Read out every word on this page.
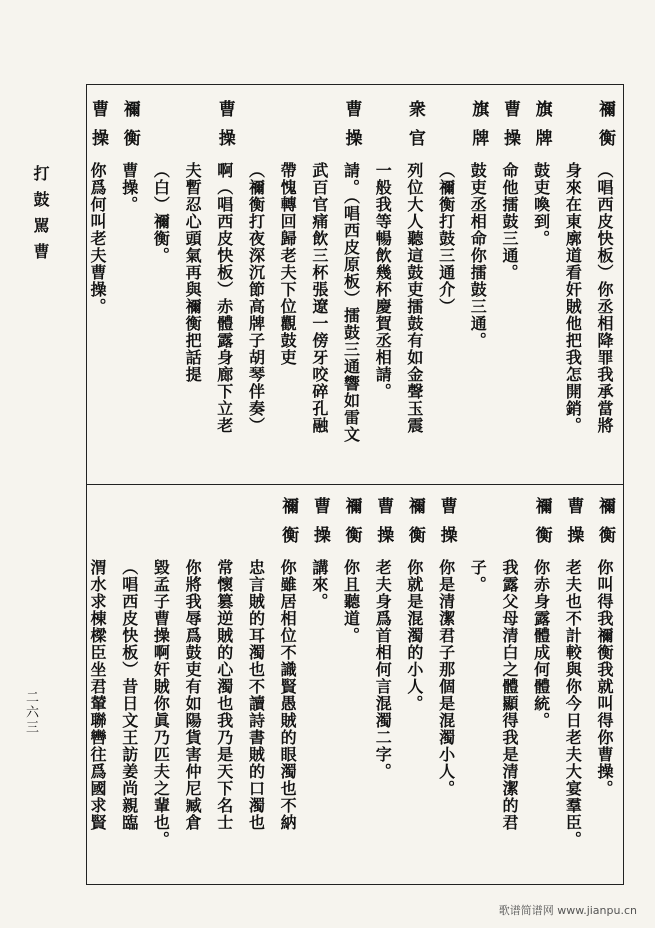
打鼓駡曹
二六三
禰衡
（唱西皮快板）你丞相降罪我承當將
身來在東廓道看奸賊他把我怎開銷。
旗牌
鼓吏喚到。
曹操
命他擂鼓三通。
旗牌
鼓吏丞相命你擂鼓三通。
（禰衡打鼓三通介）
衆官
列位大人聽這鼓吏擂鼓有如金聲玉震
一般我等暢飲幾杯慶賀丞相請。
曹操
請。（唱西皮原板）擂鼓三通響如雷文
武百官痛飲三杯張遼一傍牙咬碎孔融
帶愧轉回歸老夫下位觀鼓吏
（禰衡打夜深沉節高牌子胡琴伴奏）
曹操
啊（唱西皮快板）赤體露身廊下立老
夫暫忍心頭氣再與禰衡把話提
（白）禰衡。
禰衡
曹操。
曹操
你爲何叫老夫曹操。
禰衡
你叫得我禰衡我就叫得你曹操。
曹操
老夫也不計較與你今日老夫大宴羣臣。
禰衡
你赤身露體成何體統。
我露父母清白之體顯得我是清潔的君
子。
曹操
你是清潔君子那個是混濁小人。
禰衡
你就是混濁的小人。
曹操
老夫身爲首相何言混濁二字。
禰衡
你且聽道。
曹操
講來。
禰衡
你雖居相位不識賢愚賊的眼濁也不納
忠言賊的耳濁也不讀詩書賊的口濁也
常懷篡逆賊的心濁也我乃是天下名士
你將我辱爲鼓吏有如陽貨害仲尼臧倉
毀孟子曹操啊奸賊你眞乃匹夫之輩也。
（唱西皮快板）昔日文王訪姜尚親臨
渭水求棟樑臣坐君輦聯轡往爲國求賢
歌谱简谱网 www.jianpu.cn
